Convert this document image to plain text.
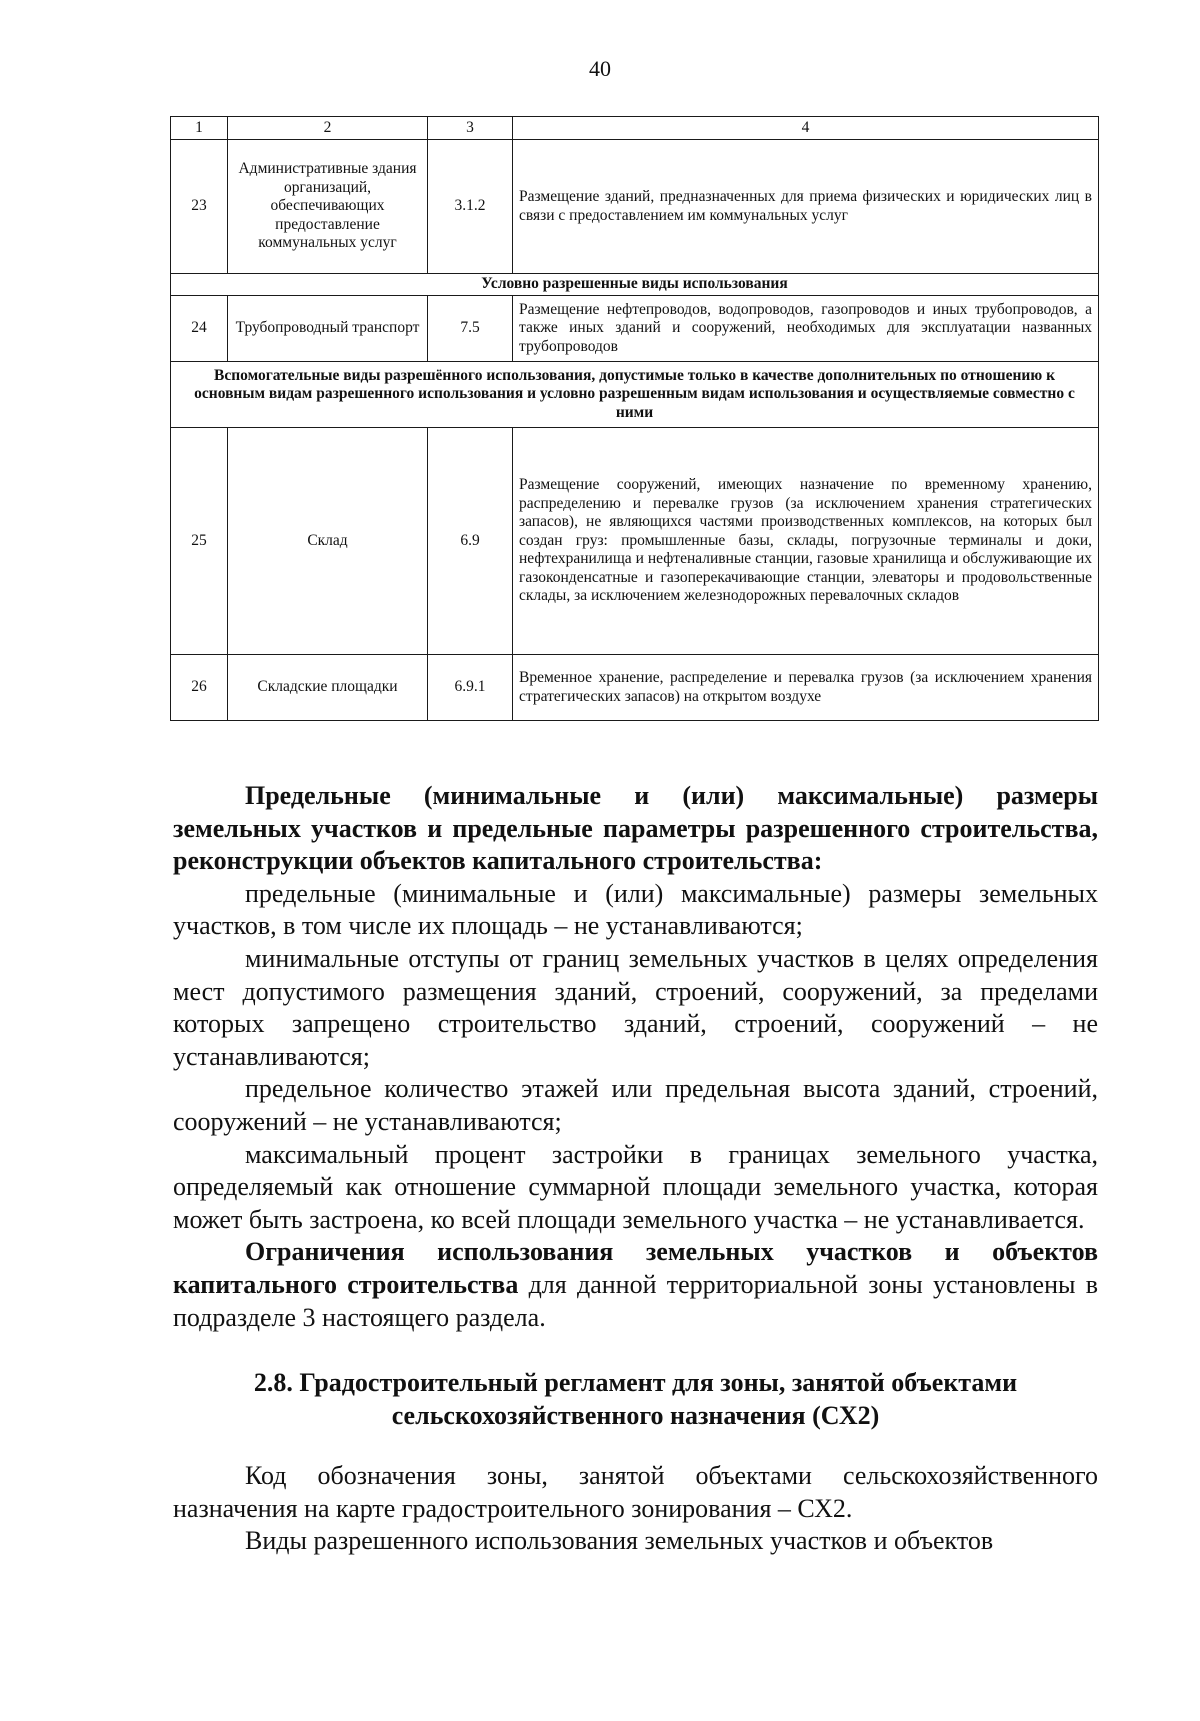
40
1	2	3	4
23	Административные здания организаций, обеспечивающих предоставление коммунальных услуг	3.1.2	Размещение зданий, предназначенных для приема физических и юридических лиц в связи с предоставлением им коммунальных услуг
Условно разрешенные виды использования			
24	Трубопроводный транспорт	7.5	Размещение нефтепроводов, водопроводов, газопроводов и иных трубопроводов, а также иных зданий и сооружений, необходимых для эксплуатации названных трубопроводов
Вспомогательные виды разрешённого использования, допустимые только в качестве дополнительных по отношению к основным видам разрешенного использования и условно разрешенным видам использования и осуществляемые совместно с ними			
25	Склад	6.9	Размещение сооружений, имеющих назначение по временному хранению, распределению и перевалке грузов (за исключением хранения стратегических запасов), не являющихся частями производственных комплексов, на которых был создан груз: промышленные базы, склады, погрузочные терминалы и доки, нефтехранилища и нефтеналивные станции, газовые хранилища и обслуживающие их газоконденсатные и газоперекачивающие станции, элеваторы и продовольственные склады, за исключением железнодорожных перевалочных складов
26	Складские площадки	6.9.1	Временное хранение, распределение и перевалка грузов (за исключением хранения стратегических запасов) на открытом воздухе

Предельные (минимальные и (или) максимальные) размеры земельных участков и предельные параметры разрешенного строительства, реконструкции объектов капитального строительства:

предельные (минимальные и (или) максимальные) размеры земельных участков, в том числе их площадь – не устанавливаются;

минимальные отступы от границ земельных участков в целях определения мест допустимого размещения зданий, строений, сооружений, за пределами которых запрещено строительство зданий, строений, сооружений – не устанавливаются;

предельное количество этажей или предельная высота зданий, строений, сооружений – не устанавливаются;

максимальный процент застройки в границах земельного участка, определяемый как отношение суммарной площади земельного участка, которая может быть застроена, ко всей площади земельного участка – не устанавливается.

Ограничения использования земельных участков и объектов капитального строительства для данной территориальной зоны установлены в подразделе 3 настоящего раздела.

2.8. Градостроительный регламент для зоны, занятой объектами
сельскохозяйственного назначения (СХ2)

Код обозначения зоны, занятой объектами сельскохозяйственного назначения на карте градостроительного зонирования – СХ2.

Виды разрешенного использования земельных участков и объектов
